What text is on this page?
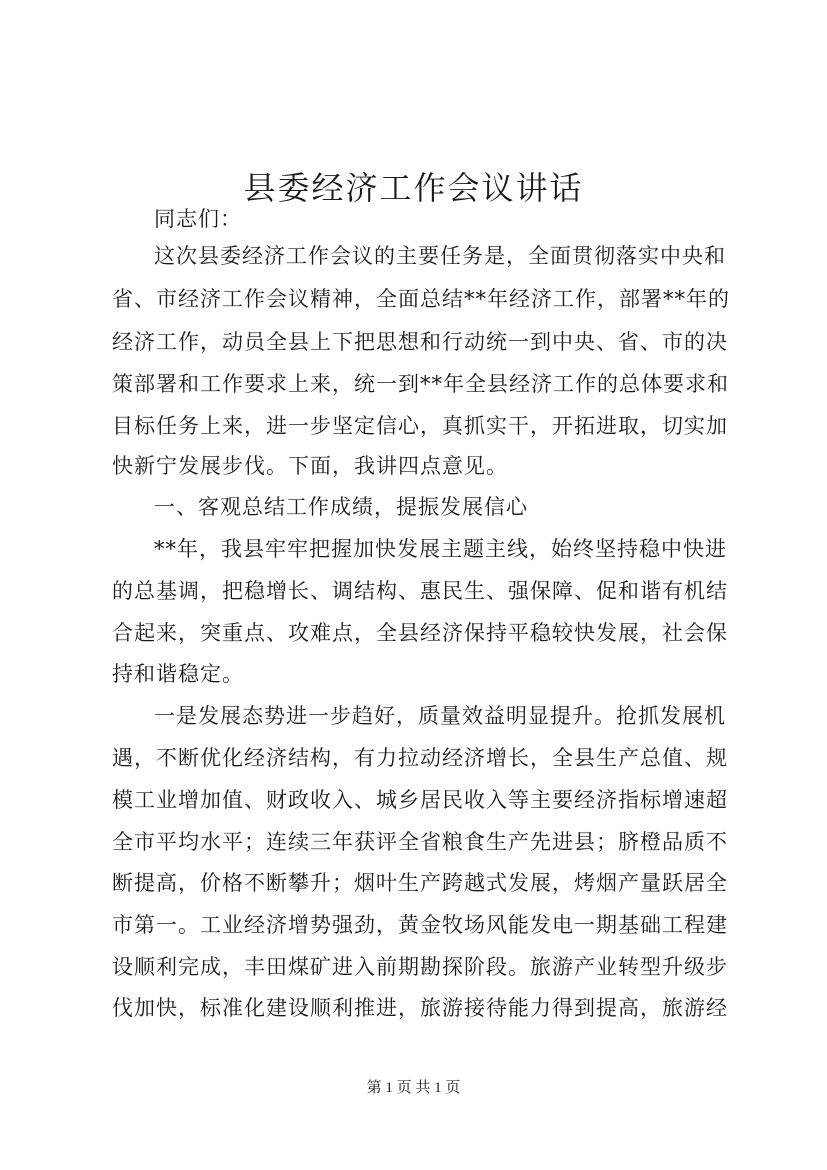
县委经济工作会议讲话
同志们：
这次县委经济工作会议的主要任务是，全面贯彻落实中央和
省、市经济工作会议精神，全面总结**年经济工作，部署**年的
经济工作，动员全县上下把思想和行动统一到中央、省、市的决
策部署和工作要求上来，统一到**年全县经济工作的总体要求和
目标任务上来，进一步坚定信心，真抓实干，开拓进取，切实加
快新宁发展步伐。下面，我讲四点意见。
一、客观总结工作成绩，提振发展信心
**年，我县牢牢把握加快发展主题主线，始终坚持稳中快进
的总基调，把稳增长、调结构、惠民生、强保障、促和谐有机结
合起来，突重点、攻难点，全县经济保持平稳较快发展，社会保
持和谐稳定。
一是发展态势进一步趋好，质量效益明显提升。抢抓发展机
遇，不断优化经济结构，有力拉动经济增长，全县生产总值、规
模工业增加值、财政收入、城乡居民收入等主要经济指标增速超
全市平均水平；连续三年获评全省粮食生产先进县；脐橙品质不
断提高，价格不断攀升；烟叶生产跨越式发展，烤烟产量跃居全
市第一。工业经济增势强劲，黄金牧场风能发电一期基础工程建
设顺利完成，丰田煤矿进入前期勘探阶段。旅游产业转型升级步
伐加快，标准化建设顺利推进，旅游接待能力得到提高，旅游经
第 1 页 共 1 页
